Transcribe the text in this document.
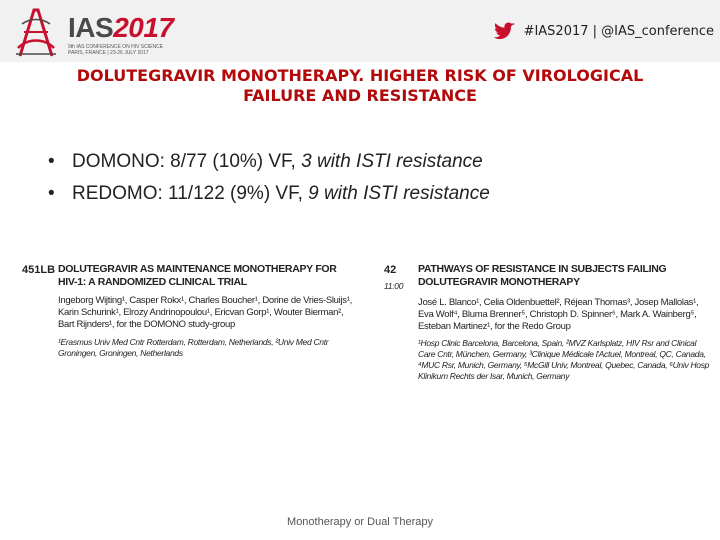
IAS2017
9th IAS CONFERENCE ON HIV SCIENCE PARIS, FRANCE | 23-26 JULY 2017
#IAS2017 | @IAS_conference
DOLUTEGRAVIR MONOTHERAPY. HIGHER RISK OF VIROLOGICAL FAILURE AND RESISTANCE
• DOMONO: 8/77 (10%) VF, 3 with ISTI resistance
• REDOMO: 11/122 (9%) VF, 9 with ISTI resistance
451LB DOLUTEGRAVIR AS MAINTENANCE MONOTHERAPY FOR HIV-1: A RANDOMIZED CLINICAL TRIAL
Ingeborg Wijting¹, Casper Rokx¹, Charles Boucher¹, Dorine de Vries-Sluijs¹, Karin Schurink¹, Elrozy Andrinopoulou¹, Ericvan Gorp¹, Wouter Bierman², Bart Rijnders¹, for the DOMONO study-group
¹Erasmus Univ Med Cntr Rotterdam, Rotterdam, Netherlands, ²Univ Med Cntr Groningen, Groningen, Netherlands
42
11:00
PATHWAYS OF RESISTANCE IN SUBJECTS FAILING DOLUTEGRAVIR MONOTHERAPY
José L. Blanco¹, Celia Oldenbuettel², Réjean Thomas³, Josep Mallolas¹, Eva Wolf⁴, Bluma Brenner⁵, Christoph D. Spinner⁶, Mark A. Wainberg⁵, Esteban Martinez¹, for the Redo Group
¹Hosp Clinic Barcelona, Barcelona, Spain, ²MVZ Karlsplatz, HIV Rsr and Clinical Care Cntr, München, Germany, ³Clinique Médicale l'Actuel, Montreal, QC, Canada, ⁴MUC Rsr, Munich, Germany, ⁵McGill Univ, Montreal, Quebec, Canada, ⁶Univ Hosp Klinikum Rechts der Isar, Munich, Germany
Monotherapy or Dual Therapy
